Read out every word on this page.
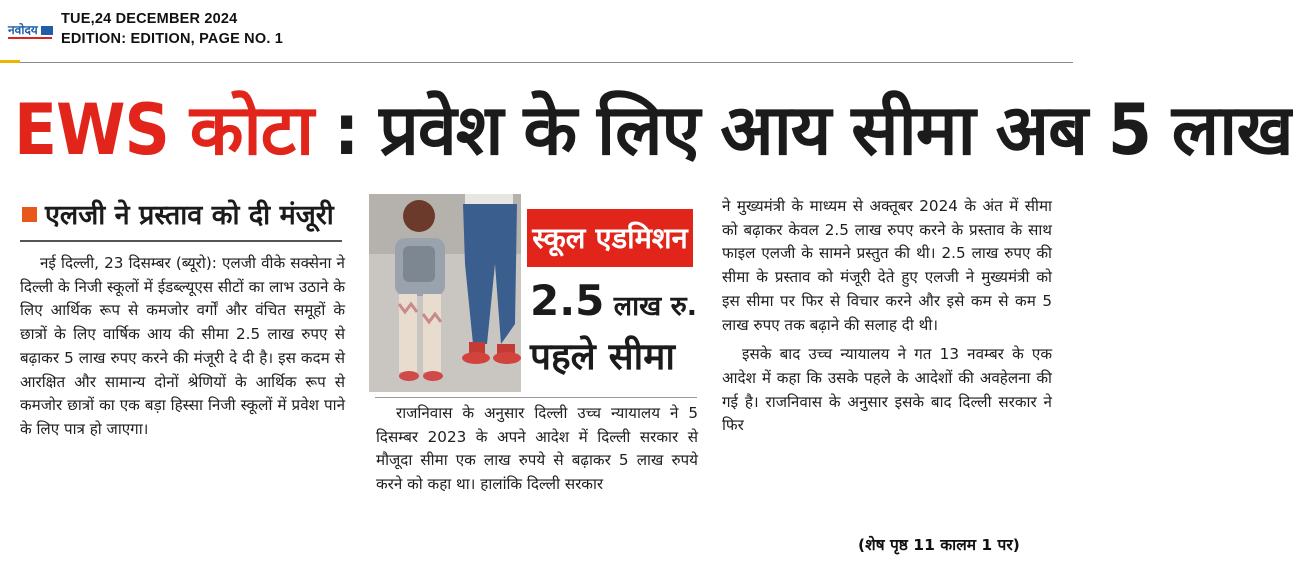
नवोदय
TUE,24 DECEMBER 2024
EDITION: EDITION, PAGE NO. 1
EWS कोटा : प्रवेश के लिए आय सीमा अब 5 लाख
एलजी ने प्रस्ताव को दी मंजूरी

नई दिल्ली, 23 दिसम्बर (ब्यूरो): एलजी वीके सक्सेना ने दिल्ली के निजी स्कूलों में ईडब्ल्यूएस सीटों का लाभ उठाने के लिए आर्थिक रूप से कमजोर वर्गों और वंचित समूहों के छात्रों के लिए वार्षिक आय की सीमा 2.5 लाख रुपए से बढ़ाकर 5 लाख रुपए करने की मंजूरी दे दी है। इस कदम से आरक्षित और सामान्य दोनों श्रेणियों के आर्थिक रूप से कमजोर छात्रों का एक बड़ा हिस्सा निजी स्कूलों में प्रवेश पाने के लिए पात्र हो जाएगा।

स्कूल एडमिशन
2.5 लाख रु.
पहले सीमा

राजनिवास के अनुसार दिल्ली उच्च न्यायालय ने 5 दिसम्बर 2023 के अपने आदेश में दिल्ली सरकार से मौजूदा सीमा एक लाख रुपये से बढ़ाकर 5 लाख रुपये करने को कहा था। हालांकि दिल्ली सरकार

ने मुख्यमंत्री के माध्यम से अक्तूबर 2024 के अंत में सीमा को बढ़ाकर केवल 2.5 लाख रुपए करने के प्रस्ताव के साथ फाइल एलजी के सामने प्रस्तुत की थी। 2.5 लाख रुपए की सीमा के प्रस्ताव को मंजूरी देते हुए एलजी ने मुख्यमंत्री को इस सीमा पर फिर से विचार करने और इसे कम से कम 5 लाख रुपए तक बढ़ाने की सलाह दी थी।

इसके बाद उच्च न्यायालय ने गत 13 नवम्बर के एक आदेश में कहा कि उसके पहले के आदेशों की अवहेलना की गई है। राजनिवास के अनुसार इसके बाद दिल्ली सरकार ने फिर

(शेष पृष्ठ 11 कालम 1 पर)
